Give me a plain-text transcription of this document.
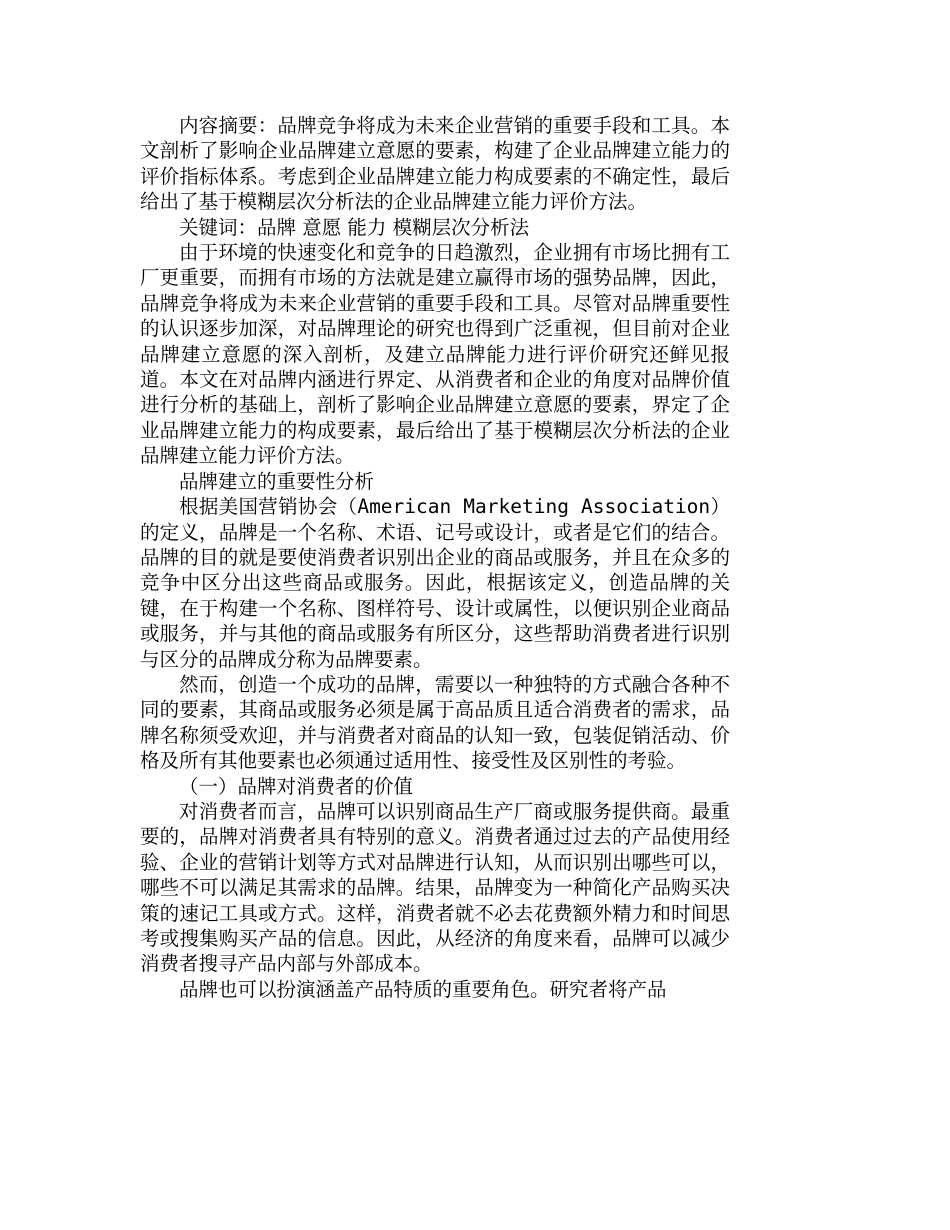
内容摘要：品牌竞争将成为未来企业营销的重要手段和工具。本文剖析了影响企业品牌建立意愿的要素，构建了企业品牌建立能力的评价指标体系。考虑到企业品牌建立能力构成要素的不确定性，最后给出了基于模糊层次分析法的企业品牌建立能力评价方法。

关键词：品牌 意愿 能力 模糊层次分析法

由于环境的快速变化和竞争的日趋激烈，企业拥有市场比拥有工厂更重要，而拥有市场的方法就是建立赢得市场的强势品牌，因此，品牌竞争将成为未来企业营销的重要手段和工具。尽管对品牌重要性的认识逐步加深，对品牌理论的研究也得到广泛重视，但目前对企业品牌建立意愿的深入剖析，及建立品牌能力进行评价研究还鲜见报道。本文在对品牌内涵进行界定、从消费者和企业的角度对品牌价值进行分析的基础上，剖析了影响企业品牌建立意愿的要素，界定了企业品牌建立能力的构成要素，最后给出了基于模糊层次分析法的企业品牌建立能力评价方法。

品牌建立的重要性分析

根据美国营销协会（American Marketing Association）的定义，品牌是一个名称、术语、记号或设计，或者是它们的结合。品牌的目的就是要使消费者识别出企业的商品或服务，并且在众多的竞争中区分出这些商品或服务。因此，根据该定义，创造品牌的关键，在于构建一个名称、图样符号、设计或属性，以便识别企业商品或服务，并与其他的商品或服务有所区分，这些帮助消费者进行识别与区分的品牌成分称为品牌要素。

然而，创造一个成功的品牌，需要以一种独特的方式融合各种不同的要素，其商品或服务必须是属于高品质且适合消费者的需求，品牌名称须受欢迎，并与消费者对商品的认知一致，包装促销活动、价格及所有其他要素也必须通过适用性、接受性及区别性的考验。

（一）品牌对消费者的价值

对消费者而言，品牌可以识别商品生产厂商或服务提供商。最重要的，品牌对消费者具有特别的意义。消费者通过过去的产品使用经验、企业的营销计划等方式对品牌进行认知，从而识别出哪些可以，哪些不可以满足其需求的品牌。结果，品牌变为一种简化产品购买决策的速记工具或方式。这样，消费者就不必去花费额外精力和时间思考或搜集购买产品的信息。因此，从经济的角度来看，品牌可以减少消费者搜寻产品内部与外部成本。

品牌也可以扮演涵盖产品特质的重要角色。研究者将产品
